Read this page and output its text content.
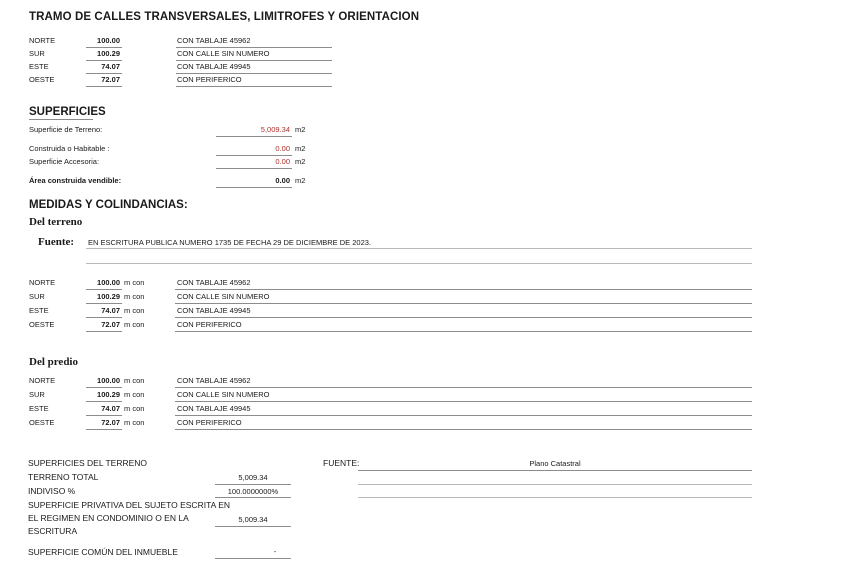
TRAMO DE CALLES TRANSVERSALES, LIMITROFES Y ORIENTACION
NORTE	100.00	CON TABLAJE 45962
SUR	100.29	CON CALLE SIN NUMERO
ESTE	74.07	CON TABLAJE 49945
OESTE	72.07	CON PERIFERICO
SUPERFICIES
Superficie de Terreno:	5,009.34 m2
Construida o Habitable :	0.00 m2
Superficie Accesoria:	0.00 m2
Área construida vendible:	0.00 m2
MEDIDAS Y COLINDANCIAS:
Del terreno
Fuente: EN ESCRITURA PUBLICA NUMERO 1735 DE FECHA 29 DE DICIEMBRE DE 2023.
NORTE	100.00 m con	CON TABLAJE 45962
SUR	100.29 m con	CON CALLE SIN NUMERO
ESTE	74.07 m con	CON TABLAJE 49945
OESTE	72.07 m con	CON PERIFERICO
Del predio
NORTE	100.00 m con	CON TABLAJE 45962
SUR	100.29 m con	CON CALLE SIN NUMERO
ESTE	74.07 m con	CON TABLAJE 49945
OESTE	72.07 m con	CON PERIFERICO
SUPERFICIES DEL TERRENO
TERRENO TOTAL	5,009.34
INDIVISO %	100.0000000%
SUPERFICIE PRIVATIVA DEL SUJETO ESCRITA EN
EL REGIMEN EN CONDOMINIO O EN LA
ESCRITURA
5,009.34
SUPERFICIE COMÚN DEL INMUEBLE	-
FUENTE:	Plano Catastral
